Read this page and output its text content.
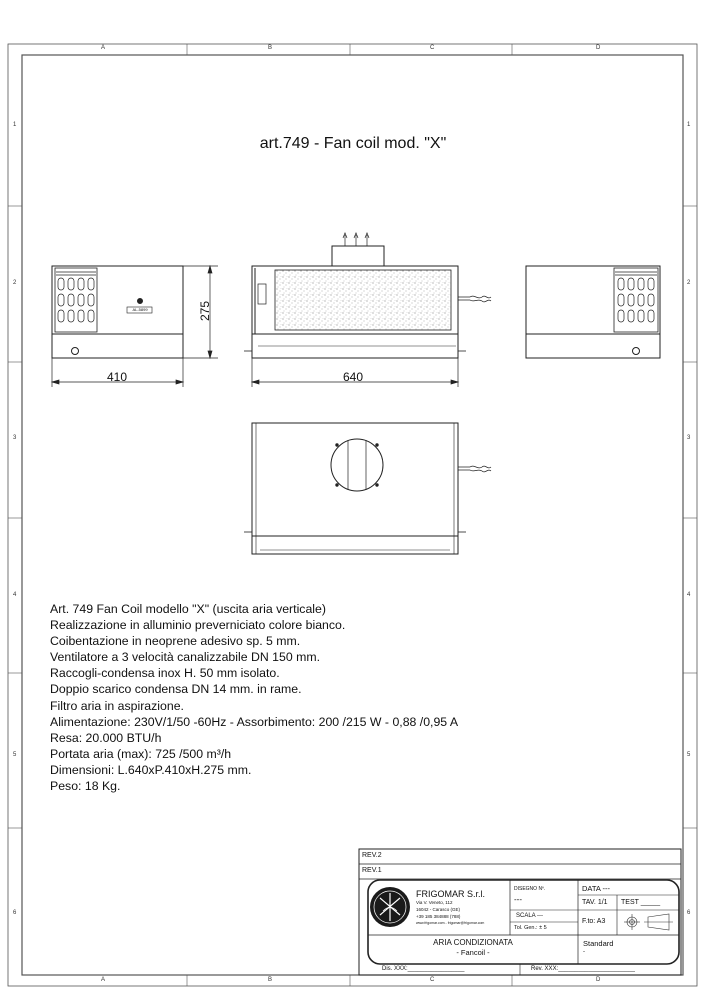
A	B	C	D
A	B	C	D
1
2
3
4
5
6
1
2
3
4
5
6
art.749 - Fan coil mod. "X"
AL-5899
410	640
275
Art. 749 Fan Coil modello "X" (uscita aria verticale)
Realizzazione in alluminio preverniciato colore bianco.
Coibentazione in neoprene adesivo sp. 5 mm.
Ventilatore a 3 velocità canalizzabile DN 150 mm.
Raccogli-condensa inox H. 50 mm isolato.
Doppio scarico condensa DN 14 mm. in rame.
Filtro aria in aspirazione.
Alimentazione: 230V/1/50 -60Hz - Assorbimento: 200 /215 W - 0,88 /0,95 A
Resa: 20.000 BTU/h
Portata aria (max): 725 /500 m³/h
Dimensioni: L.640xP.410xH.275 mm.
Peso: 18 Kg.
REV.2
REV.1
FRIGOMAR S.r.l.
Via V. Veneto, 112
16042 - Carasco (GE)
+39 185 384888 (788)
www.frigomar.com - frigomar@frigomar.com
DISEGNO Nº.
---
SCALA ---
Tol. Gen.: ± 5
DATA ---
TAV. 1/1 TEST _____
F.to: A3
ARIA CONDIZIONATA
- Fancoil -
Standard
-
Dis. XXX:_________________	Rev. XXX:_______________________
